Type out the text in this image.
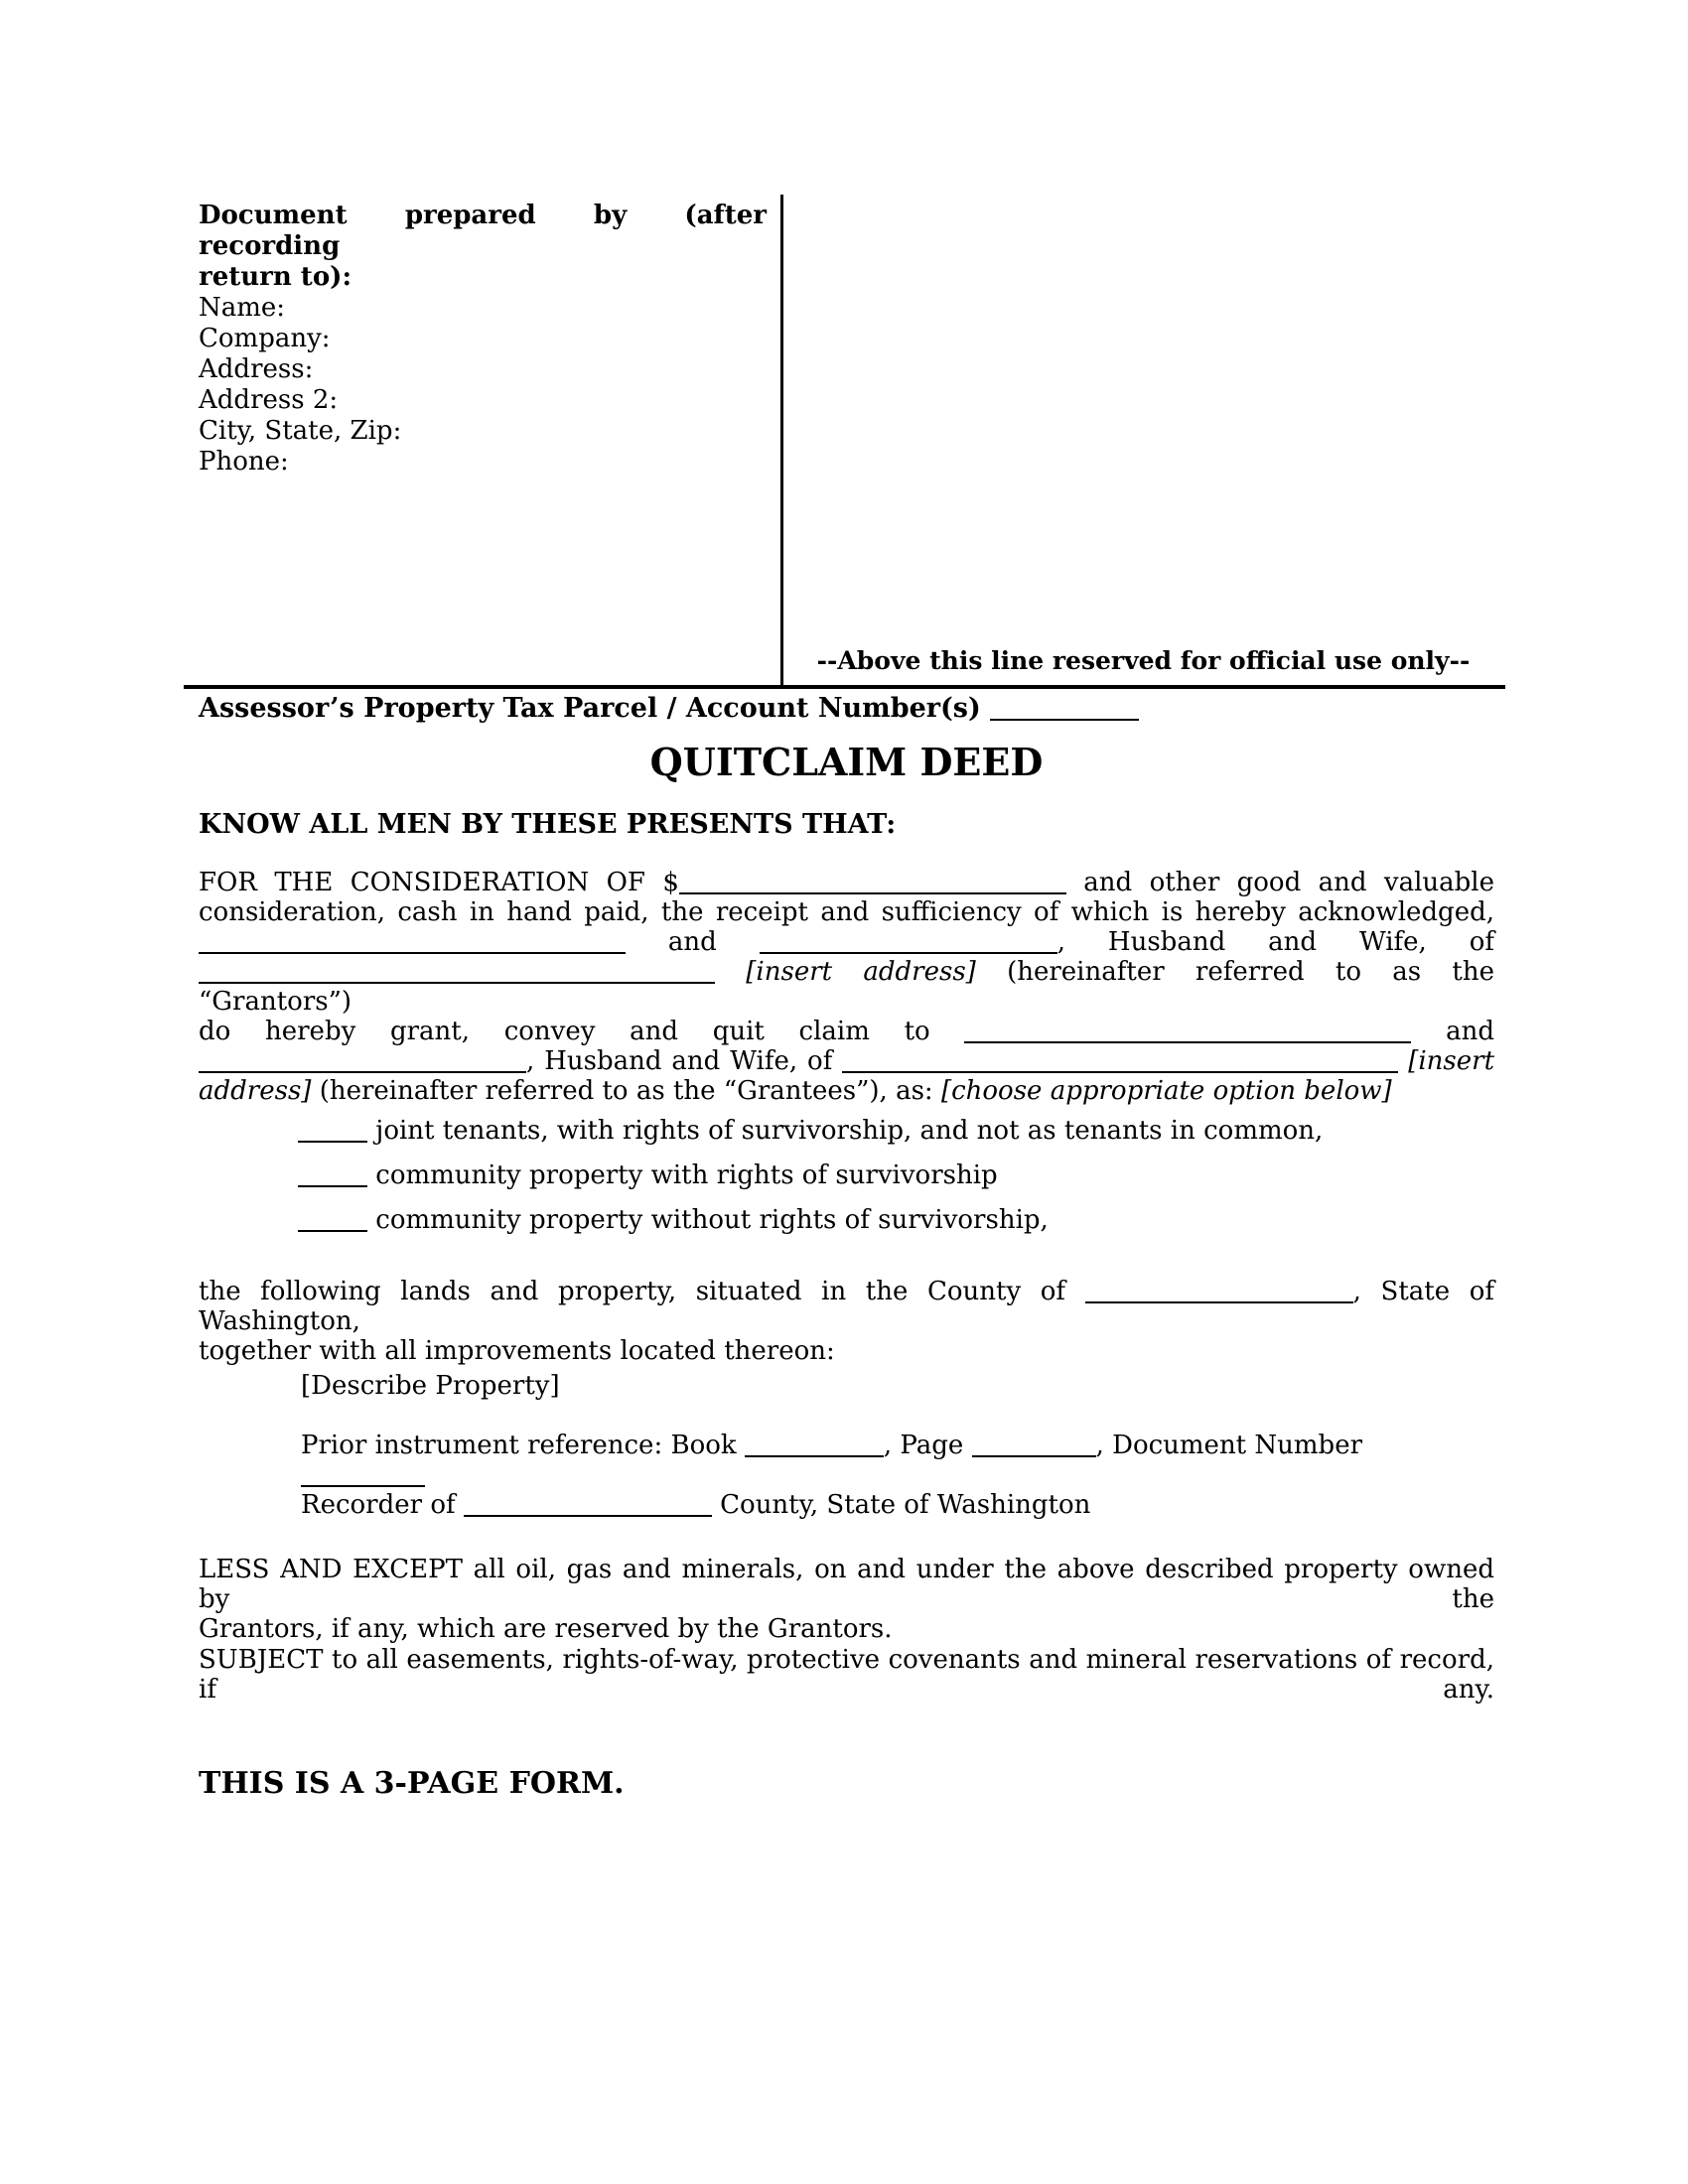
Document prepared by (after recording
return to):
Name:
Company:
Address:
Address 2:
City, State, Zip:
Phone:
--Above this line reserved for official use only--
Assessor’s Property Tax Parcel / Account Number(s)
QUITCLAIM DEED
KNOW ALL MEN BY THESE PRESENTS THAT:
FOR THE CONSIDERATION OF $	and other good and valuable
consideration, cash in hand paid, the receipt and sufficiency of which is hereby acknowledged,
and	, Husband and Wife, of
[insert address] (hereinafter referred to as the “Grantors”)
do hereby grant, convey and quit claim to	and
, Husband and Wife, of	[insert
address] (hereinafter referred to as the “Grantees”), as: [choose appropriate option below]
joint tenants, with rights of survivorship, and not as tenants in common,
community property with rights of survivorship
community property without rights of survivorship,
the following lands and property, situated in the County of	, State of Washington,
together with all improvements located thereon:
[Describe Property]
Prior instrument reference: Book	, Page	, Document Number
Recorder of	County, State of Washington
LESS AND EXCEPT all oil, gas and minerals, on and under the above described property owned by the
Grantors, if any, which are reserved by the Grantors.
SUBJECT to all easements, rights-of-way, protective covenants and mineral reservations of record, if any.
THIS IS A 3-PAGE FORM.
